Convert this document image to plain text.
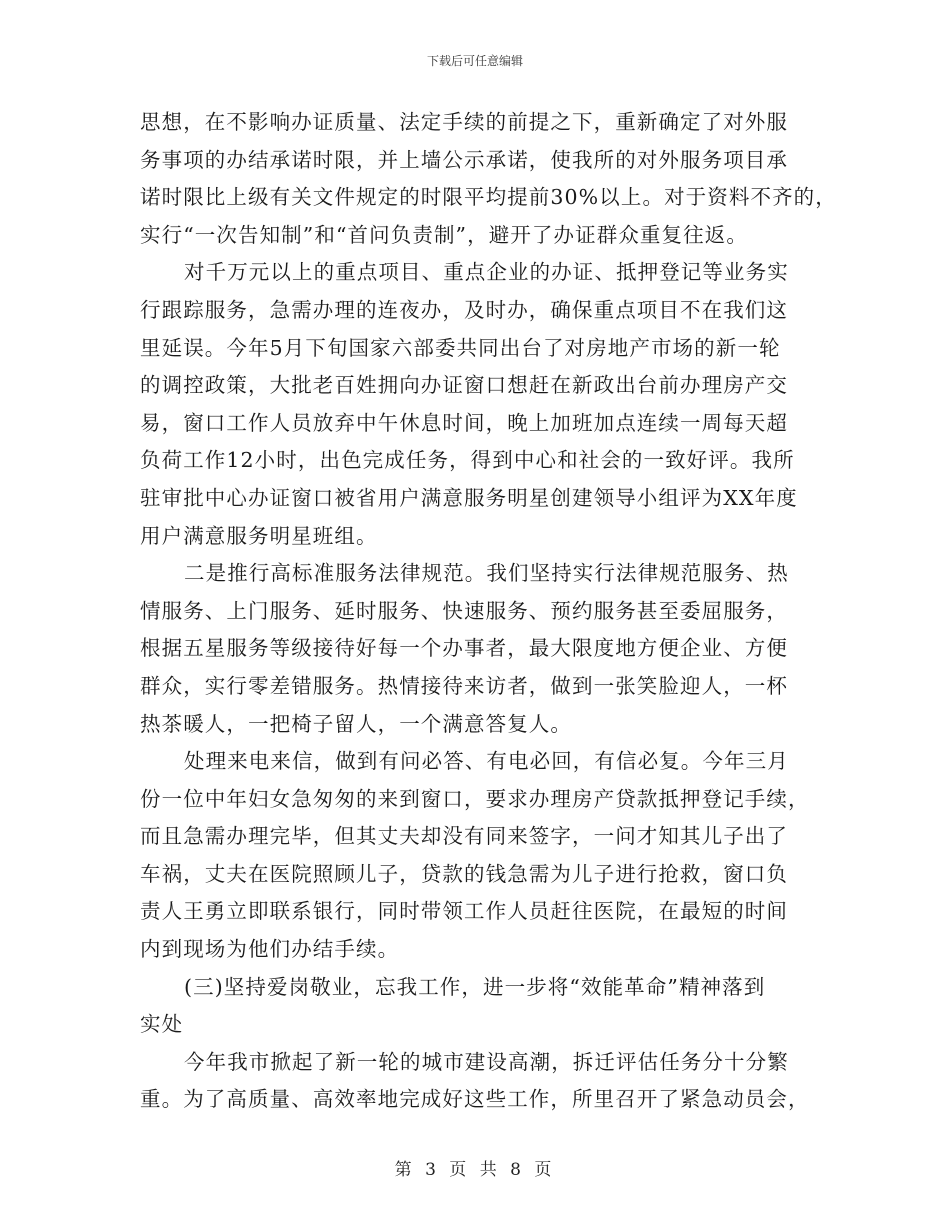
下载后可任意编辑
思想，在不影响办证质量、法定手续的前提之下，重新确定了对外服
务事项的办结承诺时限，并上墙公示承诺，使我所的对外服务项目承
诺时限比上级有关文件规定的时限平均提前30%以上。对于资料不齐的，
实行“一次告知制”和“首问负责制”，避开了办证群众重复往返。
对千万元以上的重点项目、重点企业的办证、抵押登记等业务实
行跟踪服务，急需办理的连夜办，及时办，确保重点项目不在我们这
里延误。今年5月下旬国家六部委共同出台了对房地产市场的新一轮
的调控政策，大批老百姓拥向办证窗口想赶在新政出台前办理房产交
易，窗口工作人员放弃中午休息时间，晚上加班加点连续一周每天超
负荷工作12小时，出色完成任务，得到中心和社会的一致好评。我所
驻审批中心办证窗口被省用户满意服务明星创建领导小组评为XX年度
用户满意服务明星班组。
二是推行高标准服务法律规范。我们坚持实行法律规范服务、热
情服务、上门服务、延时服务、快速服务、预约服务甚至委屈服务，
根据五星服务等级接待好每一个办事者，最大限度地方便企业、方便
群众，实行零差错服务。热情接待来访者，做到一张笑脸迎人，一杯
热茶暖人，一把椅子留人，一个满意答复人。
处理来电来信，做到有问必答、有电必回，有信必复。今年三月
份一位中年妇女急匆匆的来到窗口，要求办理房产贷款抵押登记手续，
而且急需办理完毕，但其丈夫却没有同来签字，一问才知其儿子出了
车祸，丈夫在医院照顾儿子，贷款的钱急需为儿子进行抢救，窗口负
责人王勇立即联系银行，同时带领工作人员赶往医院，在最短的时间
内到现场为他们办结手续。
(三)坚持爱岗敬业，忘我工作，进一步将“效能革命”精神落到
实处
今年我市掀起了新一轮的城市建设高潮，拆迁评估任务分十分繁
重。为了高质量、高效率地完成好这些工作，所里召开了紧急动员会，
第 3 页 共 8 页
